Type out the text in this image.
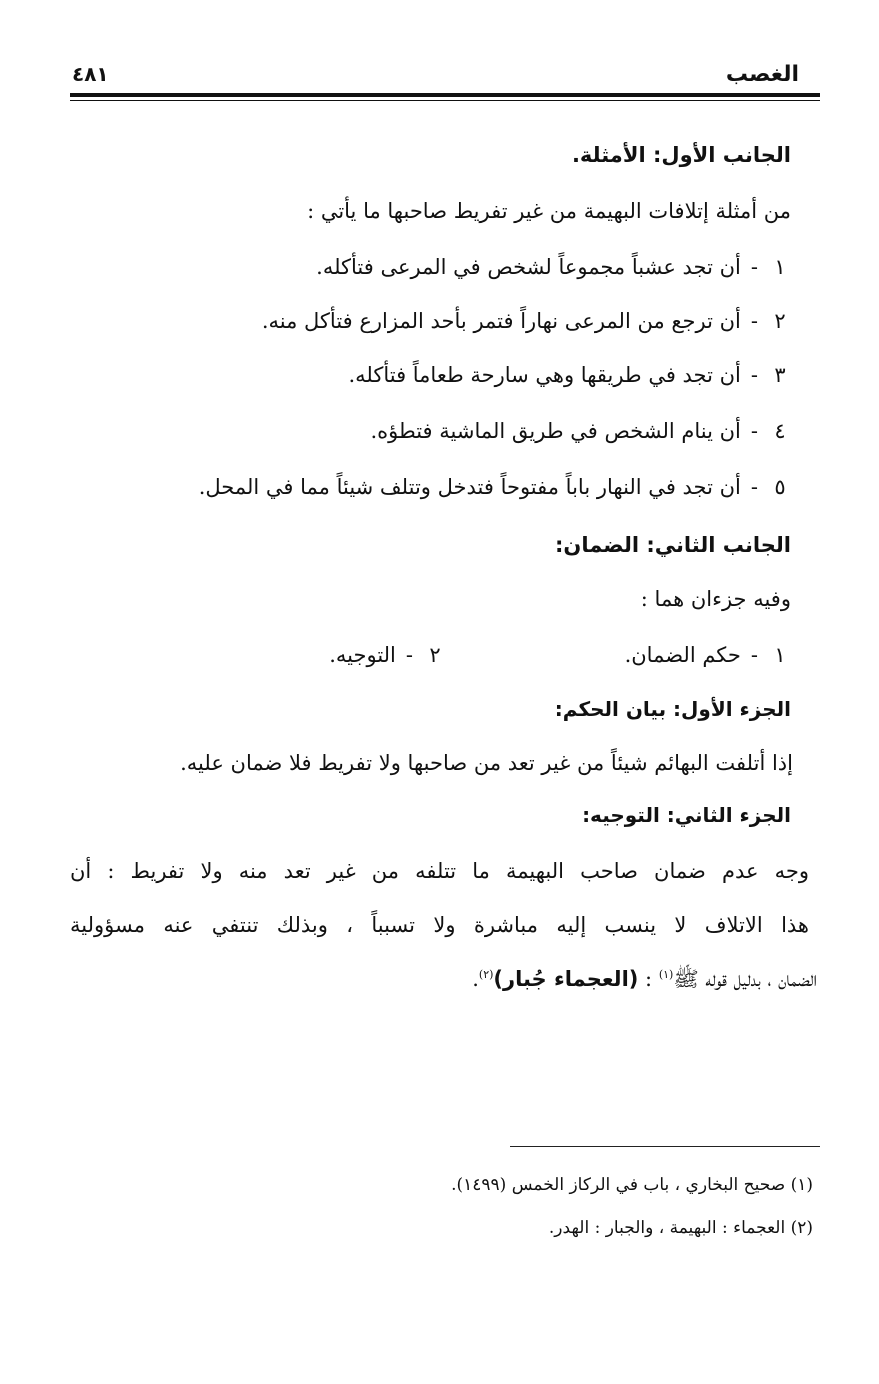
الغصب
٤٨١
الجانب الأول: الأمثلة.
من أمثلة إتلافات البهيمة من غير تفريط صاحبها ما يأتي :
١-أن تجد عشباً مجموعاً لشخص في المرعى فتأكله.
٢-أن ترجع من المرعى نهاراً فتمر بأحد المزارع فتأكل منه.
٣-أن تجد في طريقها وهي سارحة طعاماً فتأكله.
٤-أن ينام الشخص في طريق الماشية فتطؤه.
٥-أن تجد في النهار باباً مفتوحاً فتدخل وتتلف شيئاً مما في المحل.
الجانب الثاني: الضمان:
وفيه جزءان هما :
١-حكم الضمان.
٢-التوجيه.
الجزء الأول: بيان الحكم:
إذا أتلفت البهائم شيئاً من غير تعد من صاحبها ولا تفريط فلا ضمان عليه.
الجزء الثاني: التوجيه:
وجه عدم ضمان صاحب البهيمة ما تتلفه من غير تعد منه ولا تفريط : أن
هذا الاتلاف لا ينسب إليه مباشرة ولا تسبباً ، وبذلك تنتفي عنه مسؤولية
الضمان ، بدليل قوله ﷺ$^{(١)}$ : (العجماء جُبار)$^{(٢)}$.
(١) صحيح البخاري ، باب في الركاز الخمس (١٤٩٩).
(٢) العجماء : البهيمة ، والجبار : الهدر.
